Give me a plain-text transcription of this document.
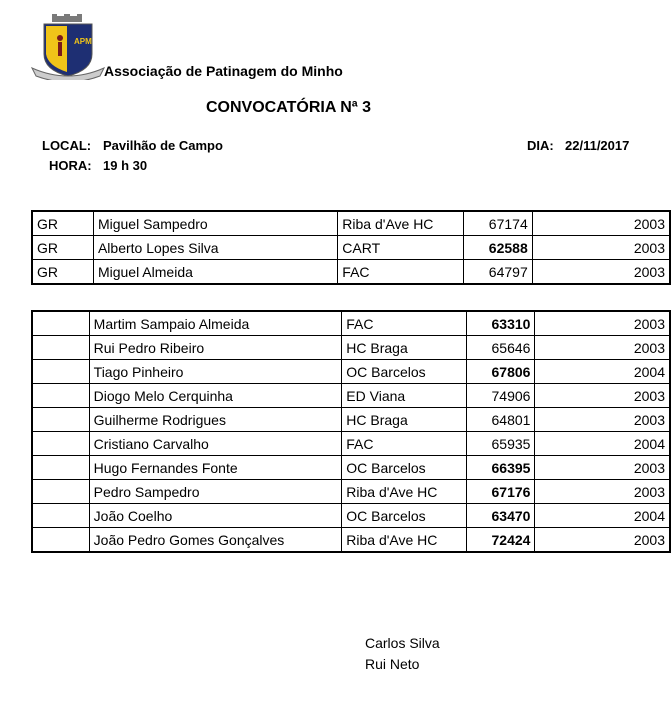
APM
Associação de Patinagem do Minho
CONVOCATÓRIA Nª 3
LOCAL: Pavilhão de Campo
HORA: 19 h 30
DIA: 22/11/2017
GR	Miguel Sampedro	Riba d'Ave HC	67174	2003
GR	Alberto Lopes Silva	CART	62588	2003
GR	Miguel Almeida	FAC	64797	2003
	Martim Sampaio Almeida	FAC	63310	2003
	Rui Pedro Ribeiro	HC Braga	65646	2003
	Tiago Pinheiro	OC Barcelos	67806	2004
	Diogo Melo Cerquinha	ED Viana	74906	2003
	Guilherme Rodrigues	HC Braga	64801	2003
	Cristiano Carvalho	FAC	65935	2004
	Hugo Fernandes Fonte	OC Barcelos	66395	2003
	Pedro Sampedro	Riba d'Ave HC	67176	2003
	João Coelho	OC Barcelos	63470	2004
	João Pedro Gomes Gonçalves	Riba d'Ave HC	72424	2003
Carlos Silva
Rui Neto
